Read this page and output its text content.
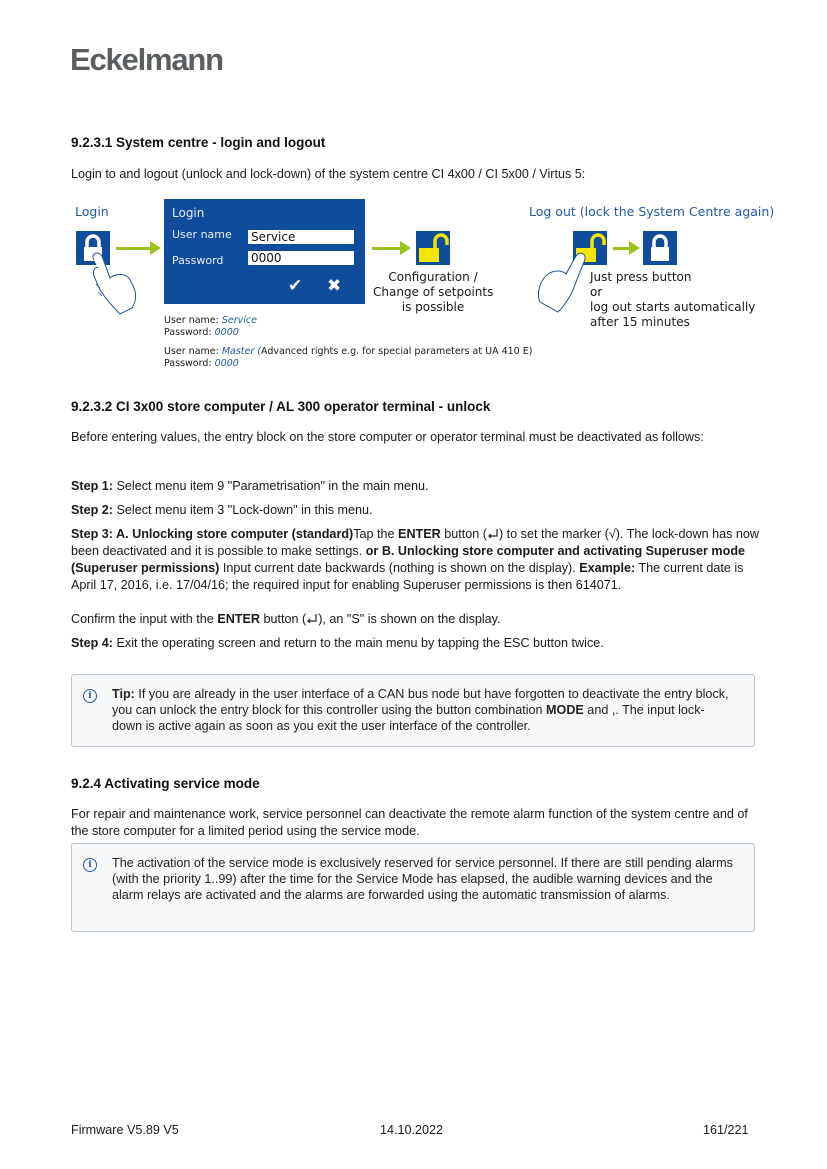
Eckelmann
9.2.3.1 System centre - login and logout
Login to and logout (unlock and lock-down) of the system centre CI 4x00 / CI 5x00 / Virtus 5:
Login	Login
User name Service
Password 0000
✔ ✖	Configuration /
Change of setpoints
is possible
Log out (lock the System Centre again)
Just press button
or
log out starts automatically
after 15 minutes
User name: Service
Password: 0000
User name: Master (Advanced rights e.g. for special parameters at UA 410 E)
Password: 0000
9.2.3.2 CI 3x00 store computer / AL 300 operator terminal - unlock
Before entering values, the entry block on the store computer or operator terminal must be deactivated as follows:
Step 1: Select menu item 9 "Parametrisation" in the main menu.
Step 2: Select menu item 3 "Lock-down" in this menu.
Step 3: A. Unlocking store computer (standard)Tap the ENTER button ( ) to set the marker (√). The lock-down has now been deactivated and it is possible to make settings. or B. Unlocking store computer and activating Superuser mode (Superuser permissions) Input current date backwards (nothing is shown on the display). Example: The current date is April 17, 2016, i.e. 17/04/16; the required input for enabling Superuser permissions is then 614071.
Confirm the input with the ENTER button ( ), an "S" is shown on the display.
Step 4: Exit the operating screen and return to the main menu by tapping the ESC button twice.
i	Tip: If you are already in the user interface of a CAN bus node but have forgotten to deactivate the entry block, you can unlock the entry block for this controller using the button combination MODE and ,. The input lock-down is active again as soon as you exit the user interface of the controller.
9.2.4 Activating service mode
For repair and maintenance work, service personnel can deactivate the remote alarm function of the system centre and of the store computer for a limited period using the service mode.
i	The activation of the service mode is exclusively reserved for service personnel. If there are still pending alarms (with the priority 1..99) after the time for the Service Mode has elapsed, the audible warning devices and the alarm relays are activated and the alarms are forwarded using the automatic transmission of alarms.
Firmware V5.89 V5	14.10.2022	161/221
